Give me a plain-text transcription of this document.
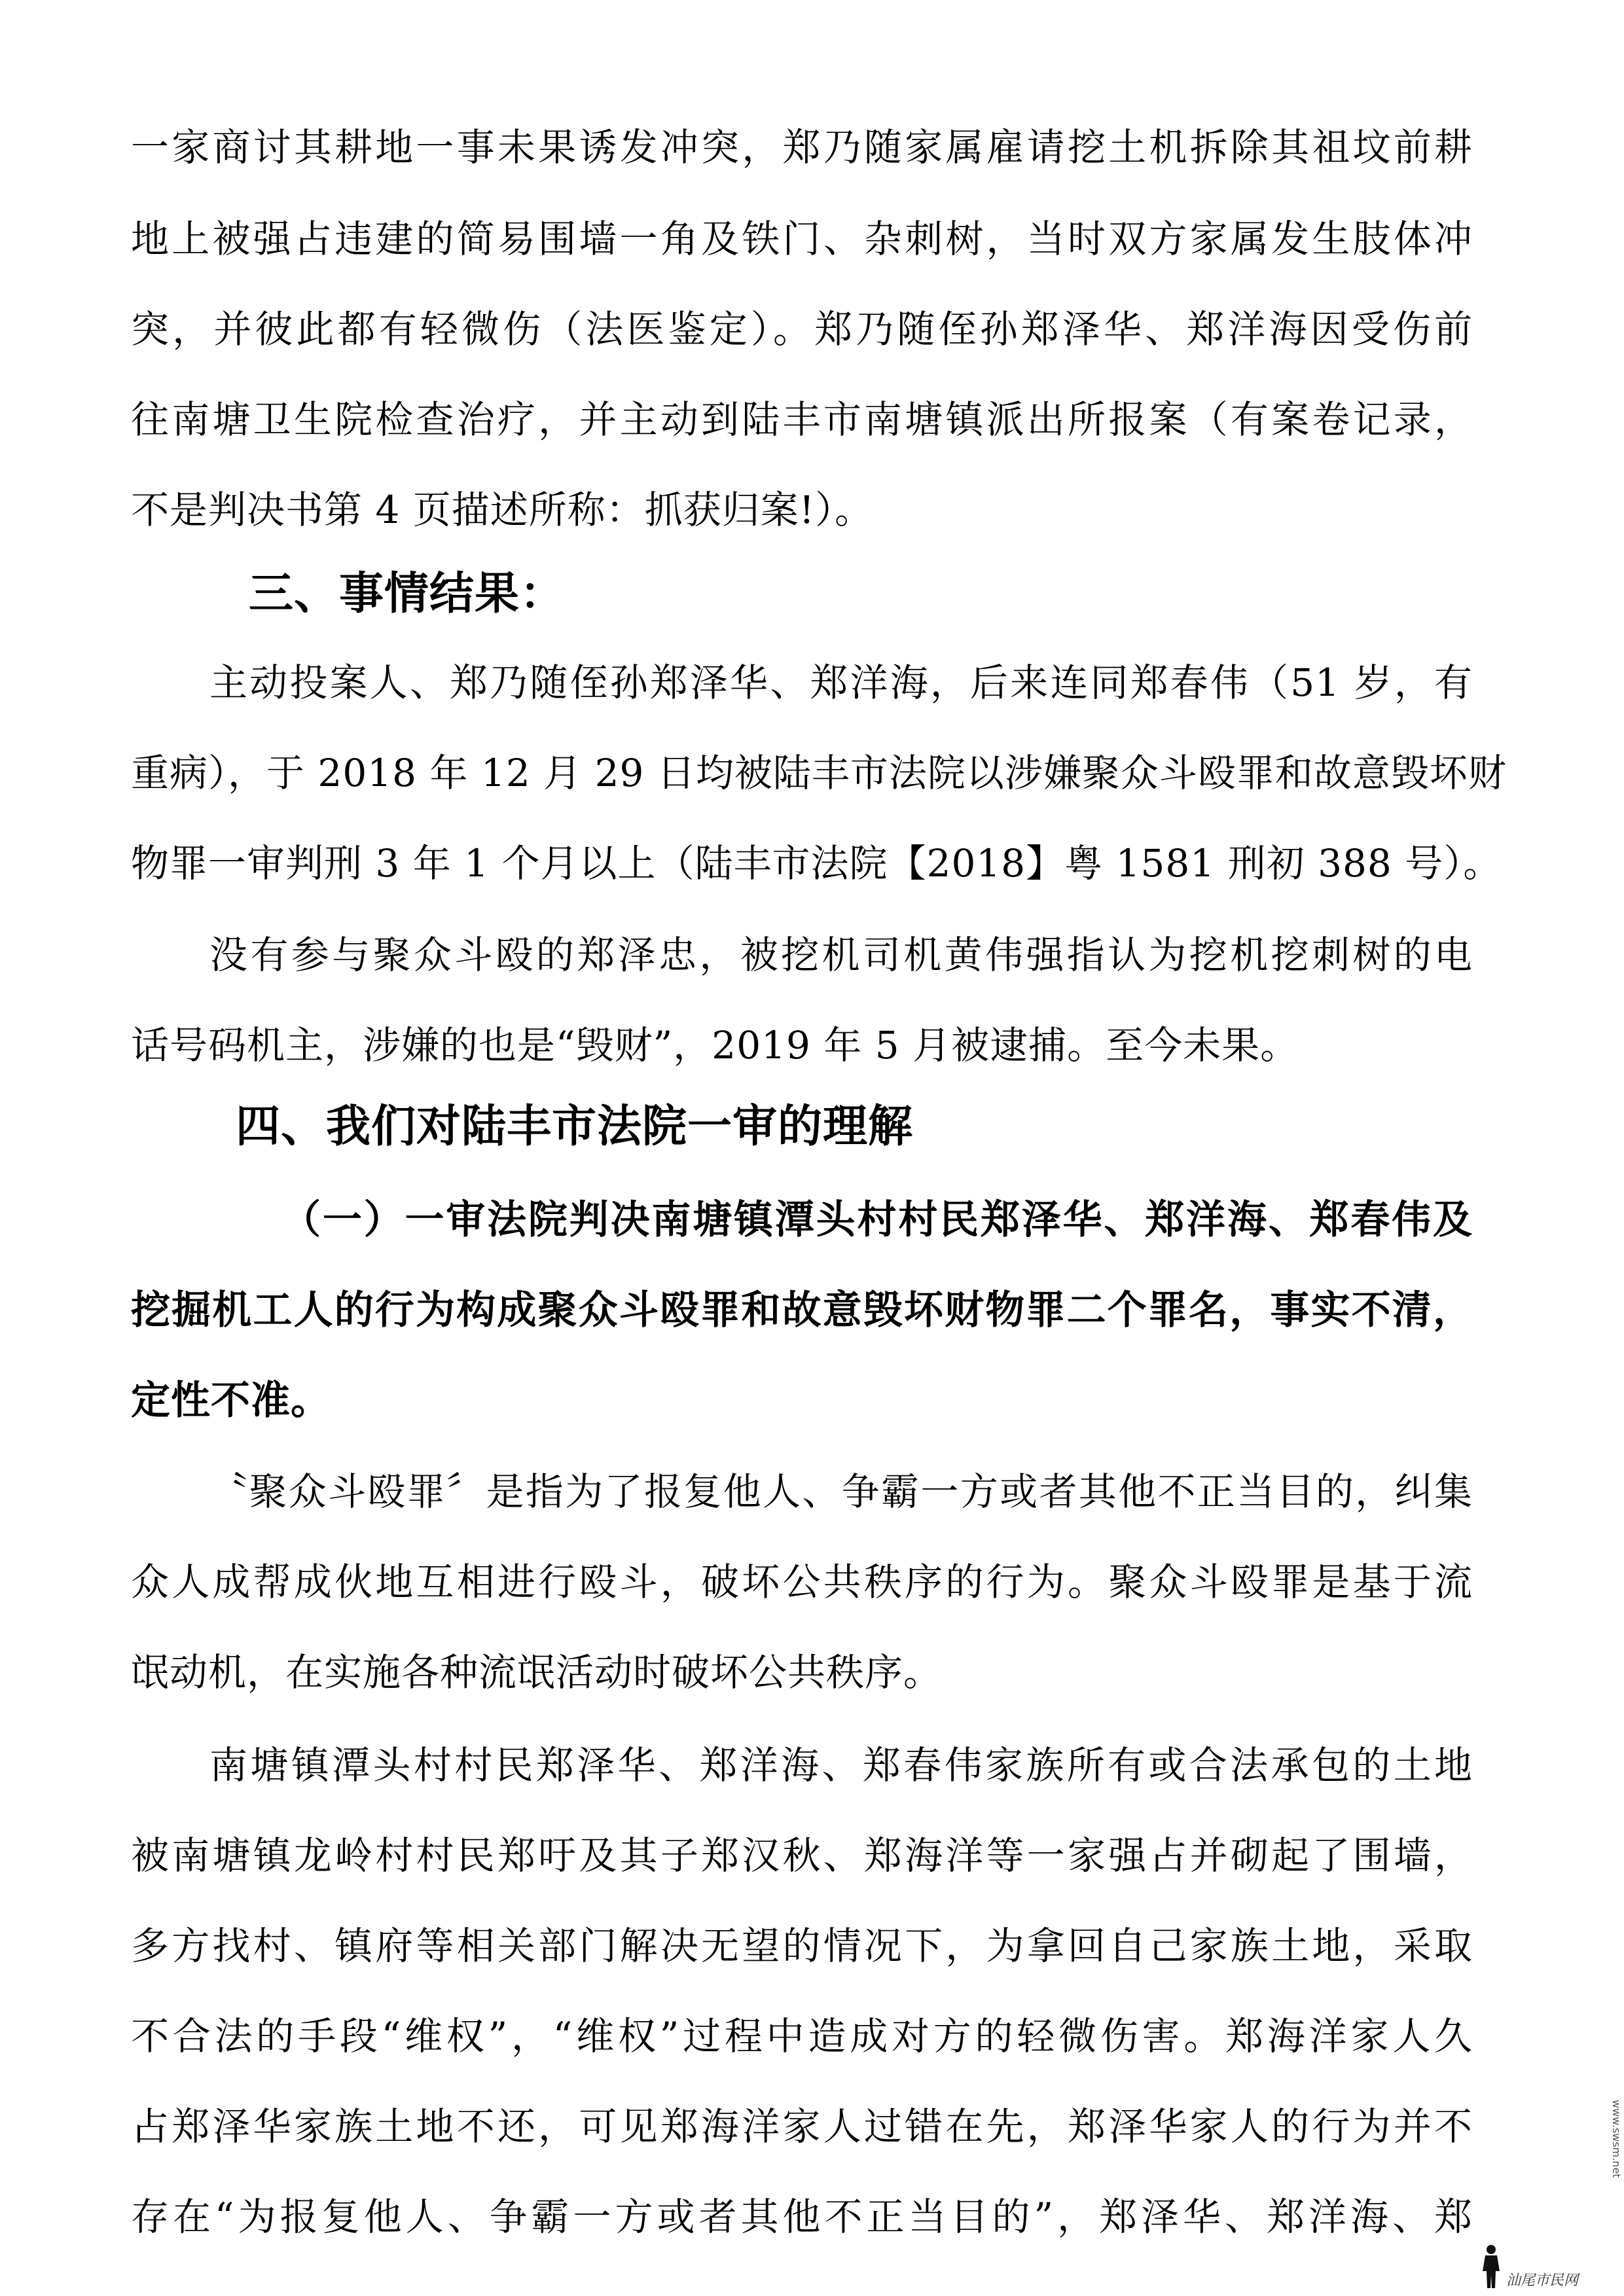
一家商讨其耕地一事未果诱发冲突，郑乃随家属雇请挖土机拆除其祖坟前耕
地上被强占违建的简易围墙一角及铁门、杂刺树，当时双方家属发生肢体冲
突，并彼此都有轻微伤（法医鉴定）。郑乃随侄孙郑泽华、郑洋海因受伤前
往南塘卫生院检查治疗，并主动到陆丰市南塘镇派出所报案（有案卷记录，
不是判决书第 4 页描述所称：抓获归案!）。
三、事情结果：
主动投案人、郑乃随侄孙郑泽华、郑洋海，后来连同郑春伟（51 岁，有
重病），于 2018 年 12 月 29 日均被陆丰市法院以涉嫌聚众斗殴罪和故意毁坏财
物罪一审判刑 3 年 1 个月以上（陆丰市法院【2018】粤 1581 刑初 388 号）。
没有参与聚众斗殴的郑泽忠，被挖机司机黄伟强指认为挖机挖刺树的电
话号码机主，涉嫌的也是“毁财”，2019 年 5 月被逮捕。至今未果。
四、我们对陆丰市法院一审的理解
（一）一审法院判决南塘镇潭头村村民郑泽华、郑洋海、郑春伟及
挖掘机工人的行为构成聚众斗殴罪和故意毁坏财物罪二个罪名，事实不清，
定性不准。
〝聚众斗殴罪〞是指为了报复他人、争霸一方或者其他不正当目的，纠集
众人成帮成伙地互相进行殴斗，破坏公共秩序的行为。聚众斗殴罪是基于流
氓动机，在实施各种流氓活动时破坏公共秩序。
南塘镇潭头村村民郑泽华、郑洋海、郑春伟家族所有或合法承包的土地
被南塘镇龙岭村村民郑吁及其子郑汉秋、郑海洋等一家强占并砌起了围墙，
多方找村、镇府等相关部门解决无望的情况下，为拿回自己家族土地，采取
不合法的手段“维权”，“维权”过程中造成对方的轻微伤害。郑海洋家人久
占郑泽华家族土地不还，可见郑海洋家人过错在先，郑泽华家人的行为并不
存在“为报复他人、争霸一方或者其他不正当目的”，郑泽华、郑洋海、郑
www.swsm.net
汕尾市民网
